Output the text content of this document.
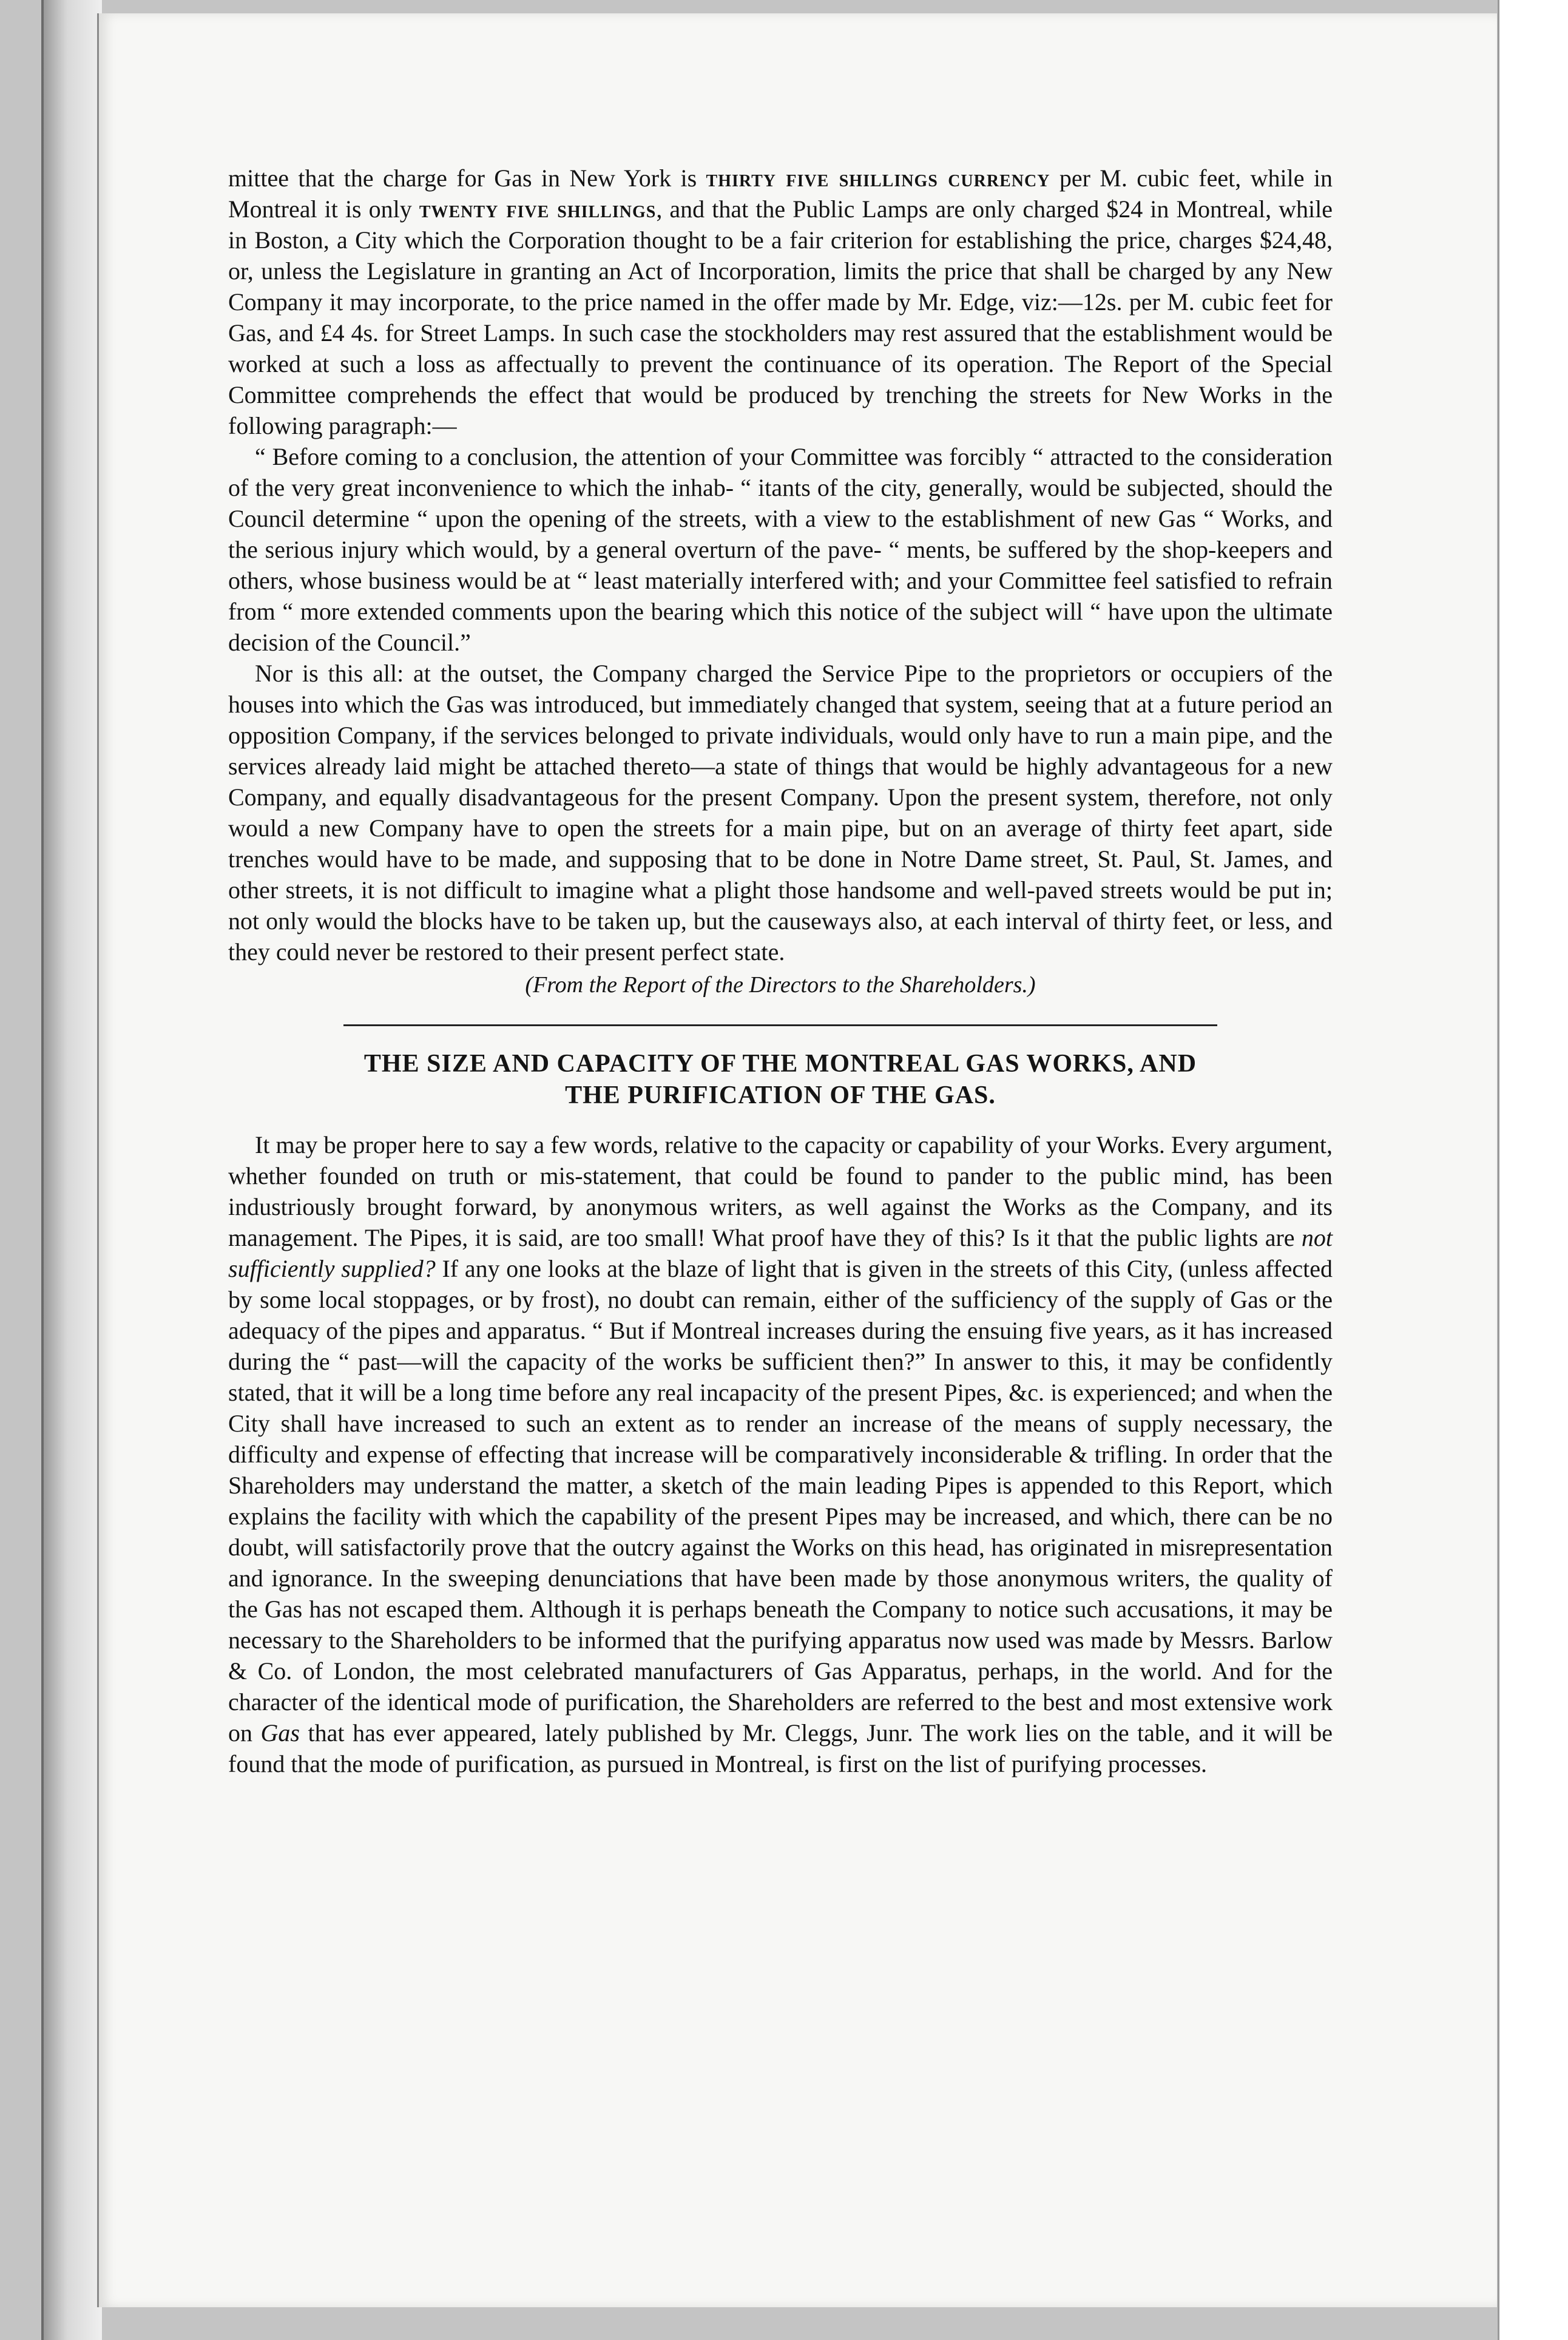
mittee that the charge for Gas in New York is thirty five shillings currency per M. cubic feet, while in Montreal it is only twenty five shillings, and that the Public Lamps are only charged $24 in Montreal, while in Boston, a City which the Corporation thought to be a fair criterion for establishing the price, charges $24,48, or, unless the Legislature in granting an Act of Incorporation, limits the price that shall be charged by any New Company it may incorporate, to the price named in the offer made by Mr. Edge, viz:—12s. per M. cubic feet for Gas, and £4 4s. for Street Lamps. In such case the stockholders may rest assured that the establishment would be worked at such a loss as affectually to prevent the continuance of its operation. The Report of the Special Committee comprehends the effect that would be produced by trenching the streets for New Works in the following paragraph:—

“ Before coming to a conclusion, the attention of your Committee was forcibly “ attracted to the consideration of the very great inconvenience to which the inhab- “ itants of the city, generally, would be subjected, should the Council determine “ upon the opening of the streets, with a view to the establishment of new Gas “ Works, and the serious injury which would, by a general overturn of the pave- “ ments, be suffered by the shop-keepers and others, whose business would be at “ least materially interfered with; and your Committee feel satisfied to refrain from “ more extended comments upon the bearing which this notice of the subject will “ have upon the ultimate decision of the Council.”

Nor is this all: at the outset, the Company charged the Service Pipe to the proprietors or occupiers of the houses into which the Gas was introduced, but immediately changed that system, seeing that at a future period an opposition Company, if the services belonged to private individuals, would only have to run a main pipe, and the services already laid might be attached thereto—a state of things that would be highly advantageous for a new Company, and equally disadvantageous for the present Company. Upon the present system, therefore, not only would a new Company have to open the streets for a main pipe, but on an average of thirty feet apart, side trenches would have to be made, and supposing that to be done in Notre Dame street, St. Paul, St. James, and other streets, it is not difficult to imagine what a plight those handsome and well-paved streets would be put in; not only would the blocks have to be taken up, but the causeways also, at each interval of thirty feet, or less, and they could never be restored to their present perfect state.

(From the Report of the Directors to the Shareholders.)

THE SIZE AND CAPACITY OF THE MONTREAL GAS WORKS, AND
THE PURIFICATION OF THE GAS.

It may be proper here to say a few words, relative to the capacity or capability of your Works. Every argument, whether founded on truth or mis-statement, that could be found to pander to the public mind, has been industriously brought forward, by anonymous writers, as well against the Works as the Company, and its management. The Pipes, it is said, are too small! What proof have they of this? Is it that the public lights are not sufficiently supplied? If any one looks at the blaze of light that is given in the streets of this City, (unless affected by some local stoppages, or by frost), no doubt can remain, either of the sufficiency of the supply of Gas or the adequacy of the pipes and apparatus. “ But if Montreal increases during the ensuing five years, as it has increased during the “ past—will the capacity of the works be sufficient then?” In answer to this, it may be confidently stated, that it will be a long time before any real incapacity of the present Pipes, &c. is experienced; and when the City shall have increased to such an extent as to render an increase of the means of supply necessary, the difficulty and expense of effecting that increase will be comparatively inconsiderable & trifling. In order that the Shareholders may understand the matter, a sketch of the main leading Pipes is appended to this Report, which explains the facility with which the capability of the present Pipes may be increased, and which, there can be no doubt, will satisfactorily prove that the outcry against the Works on this head, has originated in misrepresentation and ignorance. In the sweeping denunciations that have been made by those anonymous writers, the quality of the Gas has not escaped them. Although it is perhaps beneath the Company to notice such accusations, it may be necessary to the Shareholders to be informed that the purifying apparatus now used was made by Messrs. Barlow & Co. of London, the most celebrated manufacturers of Gas Apparatus, perhaps, in the world. And for the character of the identical mode of purification, the Shareholders are referred to the best and most extensive work on Gas that has ever appeared, lately published by Mr. Cleggs, Junr. The work lies on the table, and it will be found that the mode of purification, as pursued in Montreal, is first on the list of purifying processes.
